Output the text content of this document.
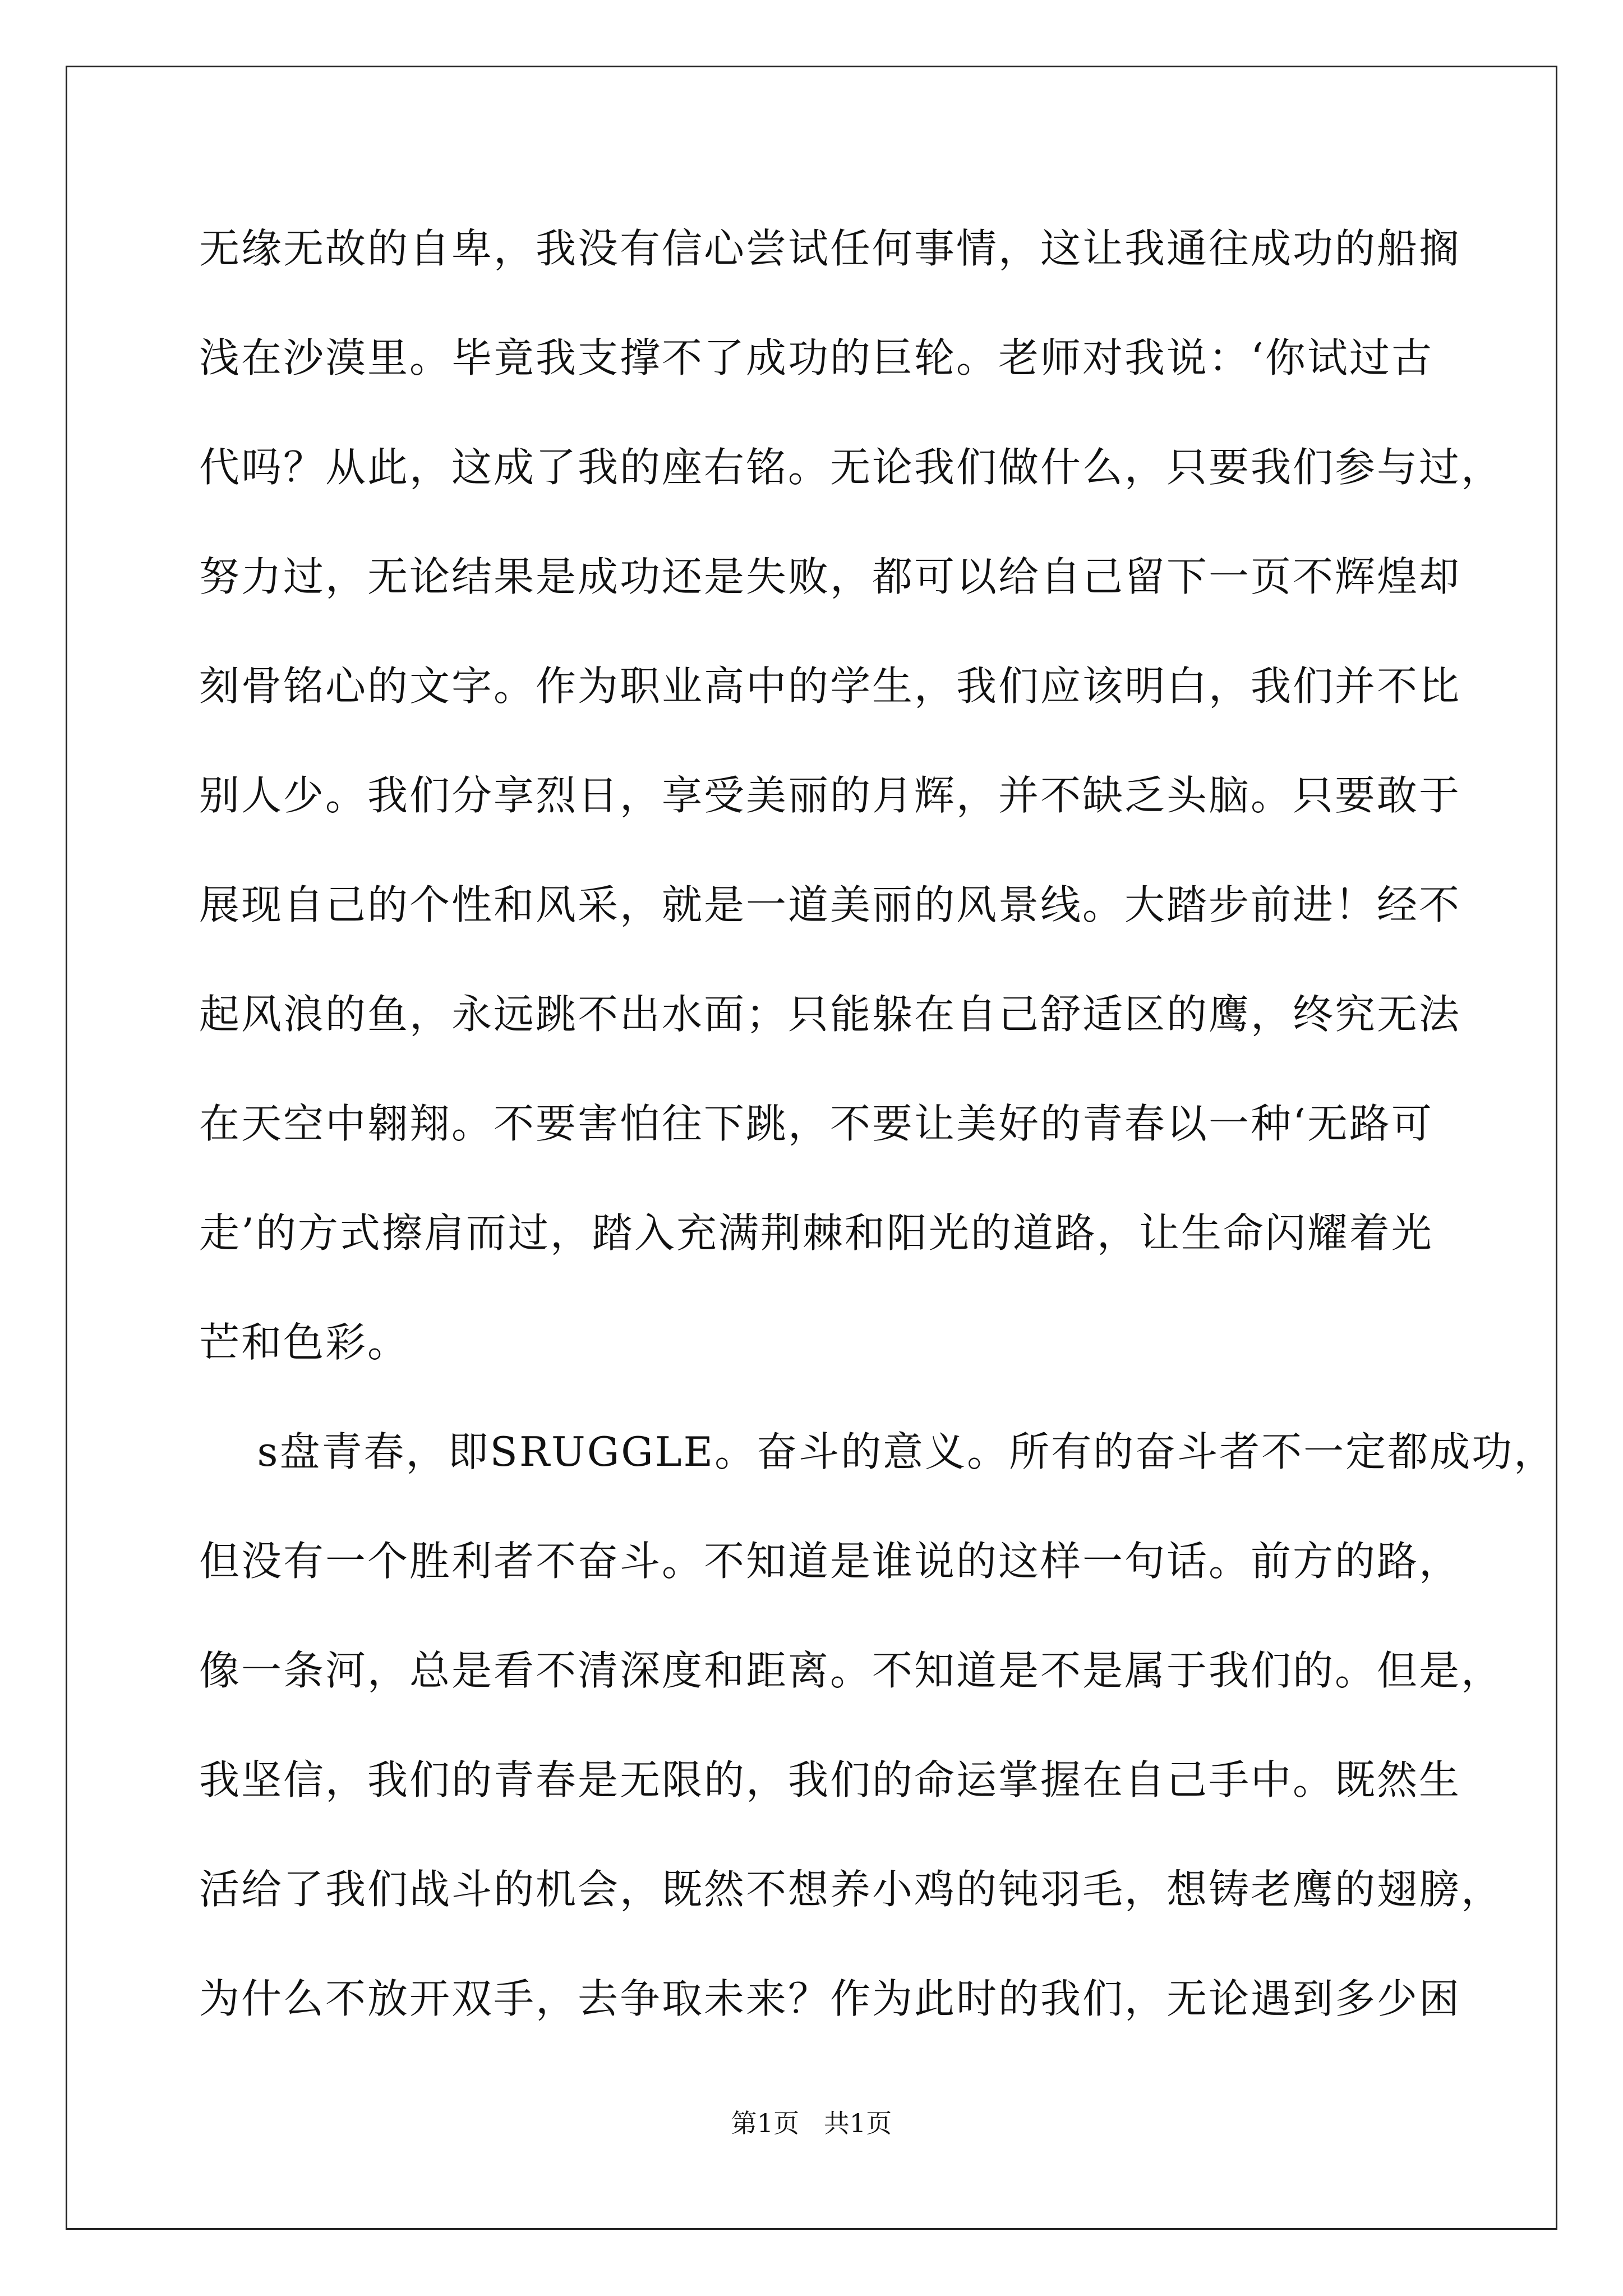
无缘无故的自卑，我没有信心尝试任何事情，这让我通往成功的船搁
浅在沙漠里。毕竟我支撑不了成功的巨轮。老师对我说：‘你试过古
代吗？从此，这成了我的座右铭。无论我们做什么，只要我们参与过，
努力过，无论结果是成功还是失败，都可以给自己留下一页不辉煌却
刻骨铭心的文字。作为职业高中的学生，我们应该明白，我们并不比
别人少。我们分享烈日，享受美丽的月辉，并不缺乏头脑。只要敢于
展现自己的个性和风采，就是一道美丽的风景线。大踏步前进！经不
起风浪的鱼，永远跳不出水面；只能躲在自己舒适区的鹰，终究无法
在天空中翱翔。不要害怕往下跳，不要让美好的青春以一种‘无路可
走’的方式擦肩而过，踏入充满荆棘和阳光的道路，让生命闪耀着光
芒和色彩。
s盘青春，即SRUGGLE。奋斗的意义。所有的奋斗者不一定都成功，
但没有一个胜利者不奋斗。不知道是谁说的这样一句话。前方的路，
像一条河，总是看不清深度和距离。不知道是不是属于我们的。但是，
我坚信，我们的青春是无限的，我们的命运掌握在自己手中。既然生
活给了我们战斗的机会，既然不想养小鸡的钝羽毛，想铸老鹰的翅膀，
为什么不放开双手，去争取未来？作为此时的我们，无论遇到多少困
第1页   共1页
